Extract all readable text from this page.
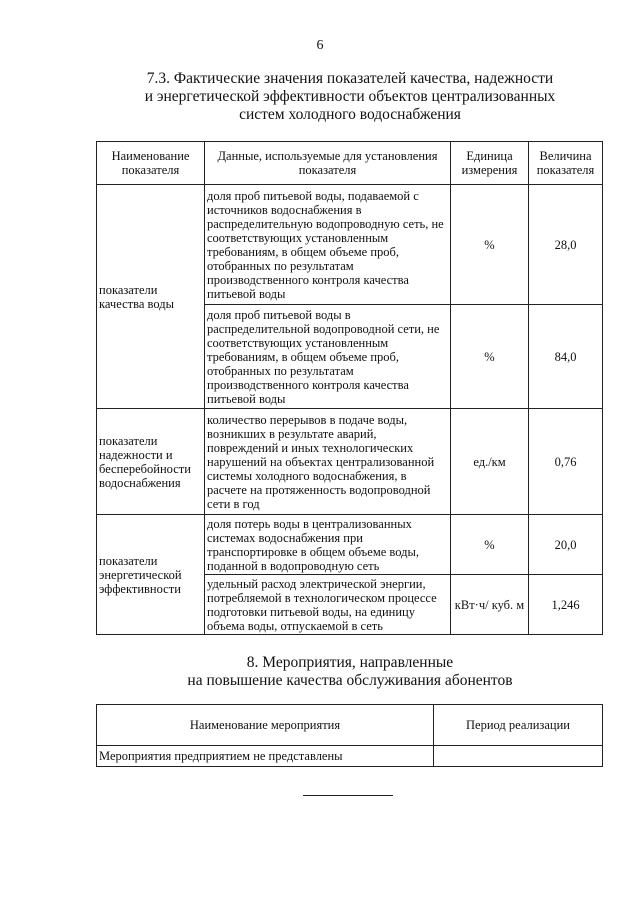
6
7.3. Фактические значения показателей качества, надежности
и энергетической эффективности объектов централизованных
систем холодного водоснабжения
Наименование показателя	Данные, используемые для установления показателя	Единица измерения	Величина показателя
показатели качества воды	доля проб питьевой воды, подаваемой с источников водоснабжения в распределительную водопроводную сеть, не соответствующих установленным требованиям, в общем объеме проб, отобранных по результатам производственного контроля качества питьевой воды	%	28,0
	доля проб питьевой воды в распределительной водопроводной сети, не соответствующих установленным требованиям, в общем объеме проб, отобранных по результатам производственного контроля качества питьевой воды	%	84,0
показатели надежности и бесперебойности водоснабжения	количество перерывов в подаче воды, возникших в результате аварий, повреждений и иных технологических нарушений на объектах централизованной системы холодного водоснабжения, в расчете на протяженность водопроводной сети в год	ед./км	0,76
показатели энергетической эффективности	доля потерь воды в централизованных системах водоснабжения при транспортировке в общем объеме воды, поданной в водопроводную сеть	%	20,0
	удельный расход электрической энергии, потребляемой в технологическом процессе подготовки питьевой воды, на единицу объема воды, отпускаемой в сеть	кВт·ч/ куб. м	1,246
8. Мероприятия, направленные
на повышение качества обслуживания абонентов
Наименование мероприятия	Период реализации
Мероприятия предприятием не представлены	
